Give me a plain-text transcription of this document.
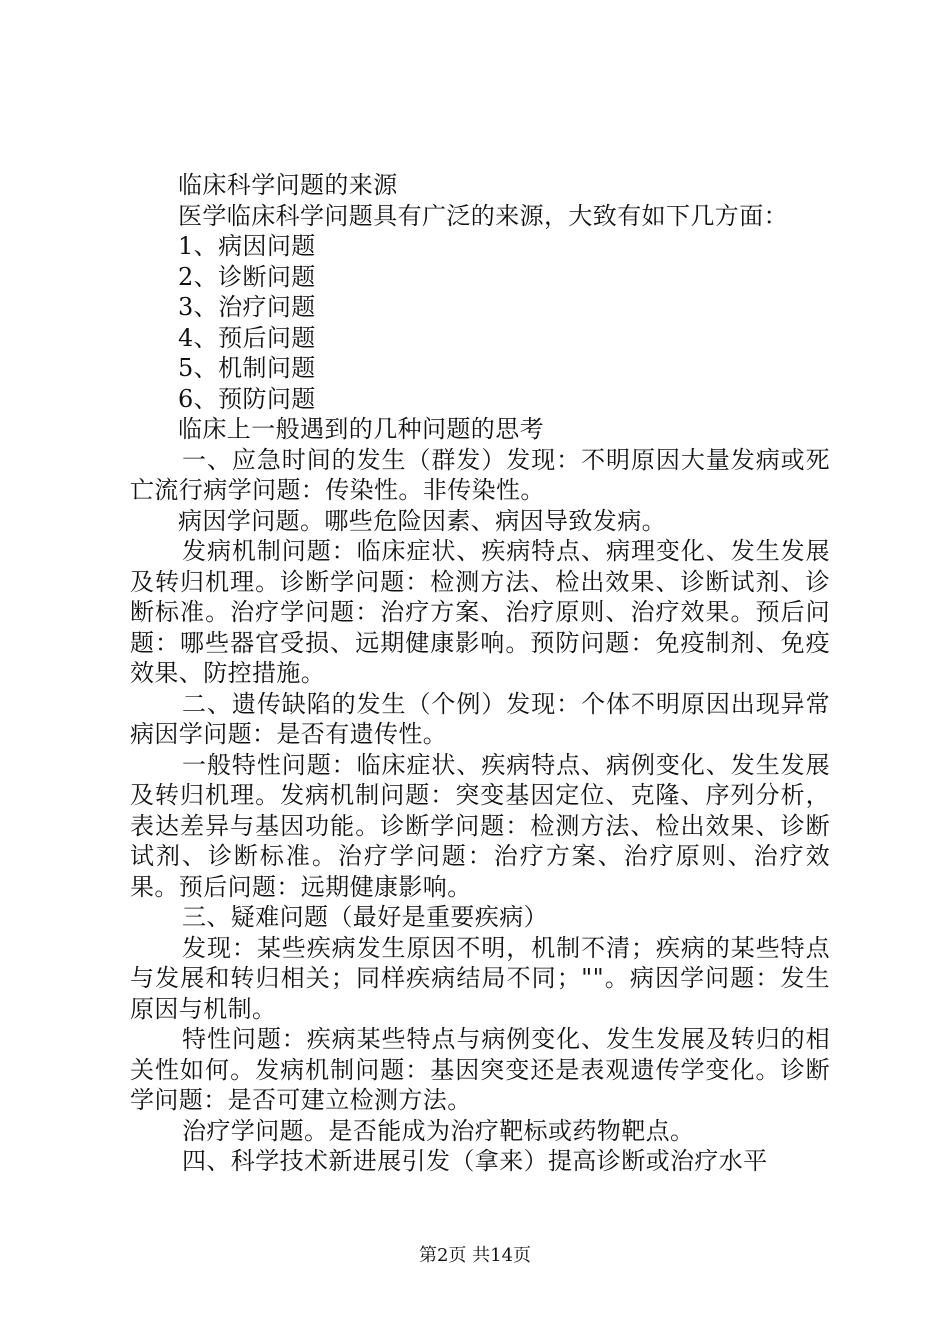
临床科学问题的来源

医学临床科学问题具有广泛的来源，大致有如下几方面：

1、病因问题

2、诊断问题

3、治疗问题

4、预后问题

5、机制问题

6、预防问题

临床上一般遇到的几种问题的思考

一、应急时间的发生（群发）发现：不明原因大量发病或死亡流行病学问题：传染性。非传染性。

病因学问题。哪些危险因素、病因导致发病。

发病机制问题：临床症状、疾病特点、病理变化、发生发展及转归机理。诊断学问题：检测方法、检出效果、诊断试剂、诊断标准。治疗学问题：治疗方案、治疗原则、治疗效果。预后问题：哪些器官受损、远期健康影响。预防问题：免疫制剂、免疫效果、防控措施。

二、遗传缺陷的发生（个例）发现：个体不明原因出现异常病因学问题：是否有遗传性。

一般特性问题：临床症状、疾病特点、病例变化、发生发展及转归机理。发病机制问题：突变基因定位、克隆、序列分析，表达差异与基因功能。诊断学问题：检测方法、检出效果、诊断试剂、诊断标准。治疗学问题：治疗方案、治疗原则、治疗效果。预后问题：远期健康影响。

三、疑难问题（最好是重要疾病）

发现：某些疾病发生原因不明，机制不清；疾病的某些特点与发展和转归相关；同样疾病结局不同；""。病因学问题：发生原因与机制。

特性问题：疾病某些特点与病例变化、发生发展及转归的相关性如何。发病机制问题：基因突变还是表观遗传学变化。诊断学问题：是否可建立检测方法。

治疗学问题。是否能成为治疗靶标或药物靶点。

四、科学技术新进展引发（拿来）提高诊断或治疗水平

第2页 共14页
